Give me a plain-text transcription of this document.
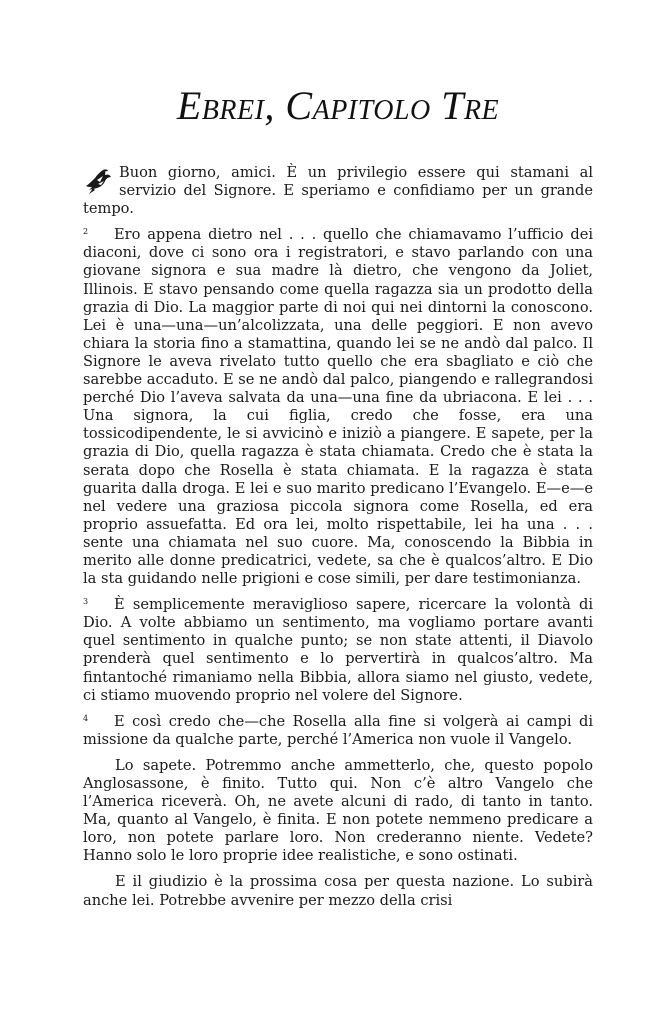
Ebrei, Capitolo Tre

Buon giorno, amici. È un privilegio essere qui stamani al servizio del Signore. E speriamo e confidiamo per un grande tempo.

2 Ero appena dietro nel . . . quello che chiamavamo l’ufficio dei diaconi, dove ci sono ora i registratori, e stavo parlando con una giovane signora e sua madre là dietro, che vengono da Joliet, Illinois. E stavo pensando come quella ragazza sia un prodotto della grazia di Dio. La maggior parte di noi qui nei dintorni la conoscono. Lei è una—una—un’alcolizzata, una delle peggiori. E non avevo chiara la storia fino a stamattina, quando lei se ne andò dal palco. Il Signore le aveva rivelato tutto quello che era sbagliato e ciò che sarebbe accaduto. E se ne andò dal palco, piangendo e rallegrandosi perché Dio l’aveva salvata da una—una fine da ubriacona. E lei . . . Una signora, la cui figlia, credo che fosse, era una tossicodipendente, le si avvicinò e iniziò a piangere. E sapete, per la grazia di Dio, quella ragazza è stata chiamata. Credo che è stata la serata dopo che Rosella è stata chiamata. E la ragazza è stata guarita dalla droga. E lei e suo marito predicano l’Evangelo. E—e—e nel vedere una graziosa piccola signora come Rosella, ed era proprio assuefatta. Ed ora lei, molto rispettabile, lei ha una . . . sente una chiamata nel suo cuore. Ma, conoscendo la Bibbia in merito alle donne predicatrici, vedete, sa che è qualcos’altro. E Dio la sta guidando nelle prigioni e cose simili, per dare testimonianza.

3 È semplicemente meraviglioso sapere, ricercare la volontà di Dio. A volte abbiamo un sentimento, ma vogliamo portare avanti quel sentimento in qualche punto; se non state attenti, il Diavolo prenderà quel sentimento e lo pervertirà in qualcos’altro. Ma fintantoché rimaniamo nella Bibbia, allora siamo nel giusto, vedete, ci stiamo muovendo proprio nel volere del Signore.

4 E così credo che—che Rosella alla fine si volgerà ai campi di missione da qualche parte, perché l’America non vuole il Vangelo.

Lo sapete. Potremmo anche ammetterlo, che, questo popolo Anglosassone, è finito. Tutto qui. Non c’è altro Vangelo che l’America riceverà. Oh, ne avete alcuni di rado, di tanto in tanto. Ma, quanto al Vangelo, è finita. E non potete nemmeno predicare a loro, non potete parlare loro. Non crederanno niente. Vedete? Hanno solo le loro proprie idee realistiche, e sono ostinati.

E il giudizio è la prossima cosa per questa nazione. Lo subirà anche lei. Potrebbe avvenire per mezzo della crisi
